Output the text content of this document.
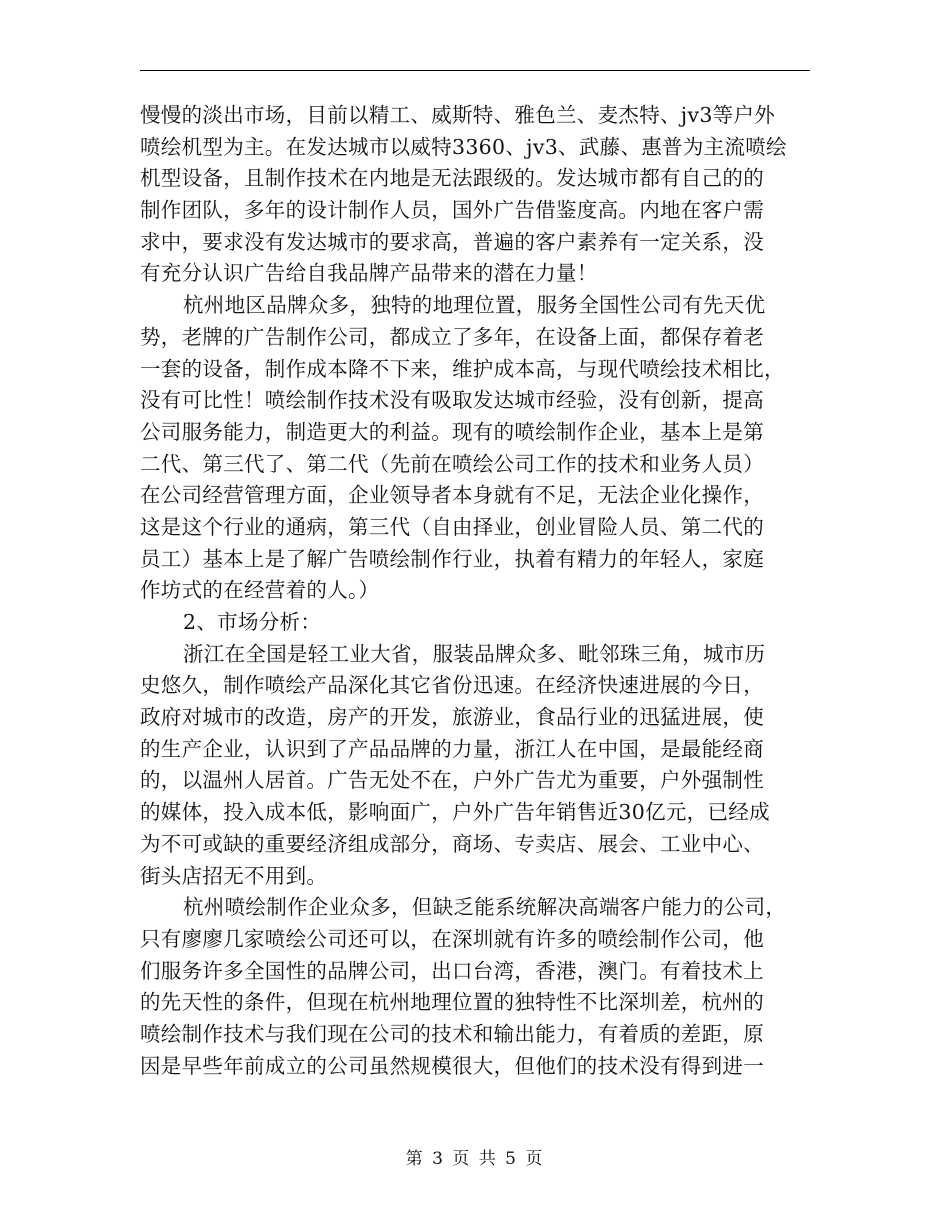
慢慢的淡出市场，目前以精工、威斯特、雅色兰、麦杰特、jv3等户外
喷绘机型为主。在发达城市以威特3360、jv3、武藤、惠普为主流喷绘
机型设备，且制作技术在内地是无法跟级的。发达城市都有自己的的
制作团队，多年的设计制作人员，国外广告借鉴度高。内地在客户需
求中，要求没有发达城市的要求高，普遍的客户素养有一定关系，没
有充分认识广告给自我品牌产品带来的潜在力量！
杭州地区品牌众多，独特的地理位置，服务全国性公司有先天优
势，老牌的广告制作公司，都成立了多年，在设备上面，都保存着老
一套的设备，制作成本降不下来，维护成本高，与现代喷绘技术相比，
没有可比性！喷绘制作技术没有吸取发达城市经验，没有创新，提高
公司服务能力，制造更大的利益。现有的喷绘制作企业，基本上是第
二代、第三代了、第二代（先前在喷绘公司工作的技术和业务人员）
在公司经营管理方面，企业领导者本身就有不足，无法企业化操作，
这是这个行业的通病，第三代（自由择业，创业冒险人员、第二代的
员工）基本上是了解广告喷绘制作行业，执着有精力的年轻人，家庭
作坊式的在经营着的人。）
2、市场分析：
浙江在全国是轻工业大省，服装品牌众多、毗邻珠三角，城市历
史悠久，制作喷绘产品深化其它省份迅速。在经济快速进展的今日，
政府对城市的改造，房产的开发，旅游业，食品行业的迅猛进展，使
的生产企业，认识到了产品品牌的力量，浙江人在中国，是最能经商
的，以温州人居首。广告无处不在，户外广告尤为重要，户外强制性
的媒体，投入成本低，影响面广，户外广告年销售近30亿元，已经成
为不可或缺的重要经济组成部分，商场、专卖店、展会、工业中心、
街头店招无不用到。
杭州喷绘制作企业众多，但缺乏能系统解决高端客户能力的公司，
只有廖廖几家喷绘公司还可以，在深圳就有许多的喷绘制作公司，他
们服务许多全国性的品牌公司，出口台湾，香港，澳门。有着技术上
的先天性的条件，但现在杭州地理位置的独特性不比深圳差，杭州的
喷绘制作技术与我们现在公司的技术和输出能力，有着质的差距，原
因是早些年前成立的公司虽然规模很大，但他们的技术没有得到进一
第 3 页 共 5 页
